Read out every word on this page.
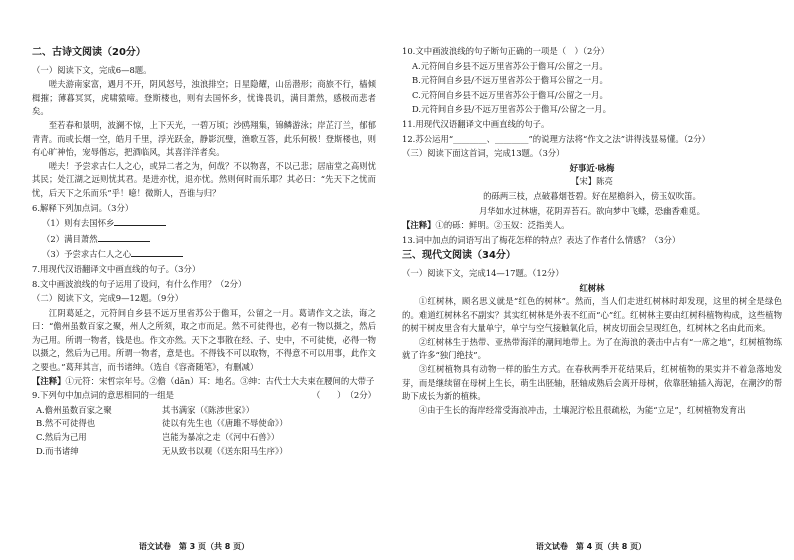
二、古诗文阅读（20分）
（一）阅读下文，完成6—8题。

嗟夫游南家富，遇月不开，阴风怒号，浊浪排空；日星隐耀，山岳潜形；商旅不行，樯倾楫摧；薄暮冥冥，虎啸猿啼。登斯楼也，则有去国怀乡，忧谗畏讥，满目萧然，感极而悲者矣。

至若春和景明，波澜不惊，上下天光，一碧万顷；沙鸥翔集，锦鳞游泳；岸芷汀兰，郁郁青青。而或长烟一空，皓月千里，浮光跃金，静影沉璧，渔歌互答，此乐何极！登斯楼也，则有心旷神怡，宠辱偕忘，把酒临风，其喜洋洋者矣。

嗟夫！予尝求古仁人之心，或异二者之为，何哉？不以物喜，不以己悲；居庙堂之高则忧其民；处江湖之远则忧其君。是进亦忧，退亦忧。然则何时而乐耶？其必曰：“先天下之忧而忧，后天下之乐而乐”乎！噫！微斯人，吾谁与归？

6.解释下列加点词。（3分）
（1）则有去国怀乡
（2）满目萧然
（3）予尝求古仁人之心
7.用现代汉语翻译文中画直线的句子。（3分）
8.文中画波浪线的句子运用了设问，有什么作用？（2分）
（二）阅读下文，完成9—12题。（9分）

江阴葛延之，元符间自乡县不远万里省苏公于儋耳，公留之一月。葛请作文之法，诲之曰：“儋州虽数百家之聚，州人之所须，取之市而足。然不可徒得也，必有一物以摄之，然后为己用。所谓一物者，钱是也。作文亦然。天下之事散在经、子、史中，不可徒使，必得一物以摄之，然后为己用。所谓一物者，意是也。不得钱不可以取物，不得意不可以用事，此作文之要也。”葛拜其言，而书诸绅。（选自《容斋随笔》，有删减）

【注释】①元符：宋哲宗年号。②儋（dān）耳：地名。③绅：古代士大夫束在腰间的大带子
9.下列句中加点词的意思相同的一组是	（2分）
（　　）
A.儋州虽数百家之聚	其书满家（《陈涉世家》）
B.然不可徒得也	徒以有先生也（《唐雎不辱使命》）
C.然后为己用	岂能为暴凉之走（《河中石兽》）
D.而书诸绅	无从致书以观（《送东阳马生序》）
语文试卷　第 3 页（共 8 页）
10.文中画波浪线的句子断句正确的一项是（　）（2分）
A.元符间自乡县不远万里省苏公于儋耳/公留之一月。
B.元符间自乡县/不远万里省苏公于儋耳公留之一月。
C.元符间自乡县不远万里省苏公于儋耳/公留之一月。
D.元符间自乡县/不远万里省苏公于儋耳/公留之一月。
11.用现代汉语翻译文中画直线的句子。
12.苏公运用“________、________”的说理方法将“作文之法”讲得浅显易懂。（2分）
（三）阅读下面这首词，完成13题。（3分）
好事近·咏梅
【宋】陈亮
的砾两三枝，点破暮烟苍碧。好在屋檐斜入，傍玉奴吹笛。
月华如水过林塘，花阴弄苔石。欲向梦中飞蝶，恐幽香难觅。
【注释】①的砾：鲜明。②玉奴：泛指美人。
13.词中加点的词语写出了梅花怎样的特点？表达了作者什么情感？（3分）
三、现代文阅读（34分）
（一）阅读下文，完成14—17题。（12分）
红树林

①红树林，顾名思义就是“红色的树林”。然而，当人们走进红树林时却发现，这里的树全是绿色的。难道红树林名不副实？其实红树林是外表不红而“心”红。红树林主要由红树科植物构成，这些植物的树干树皮里含有大量单宁，单宁与空气接触氧化后，树皮切面会呈现红色，红树林之名由此而来。

②红树林生于热带、亚热带海洋的潮间地带上。为了在海浪的袭击中占有“一席之地”，红树植物练就了许多“独门绝技”。

③红树植物具有动物一样的胎生方式。在春秋两季开花结果后，红树植物的果实并不着急落地发芽，而是继续留在母树上生长，萌生出胚轴，胚轴成熟后会离开母树，依靠胚轴插入海泥，在潮汐的帮助下成长为新的植株。

④由于生长的海岸经常受海浪冲击，土壤泥泞松且很疏松，为能“立足”，红树植物发育出

语文试卷　第 4 页（共 8 页）
